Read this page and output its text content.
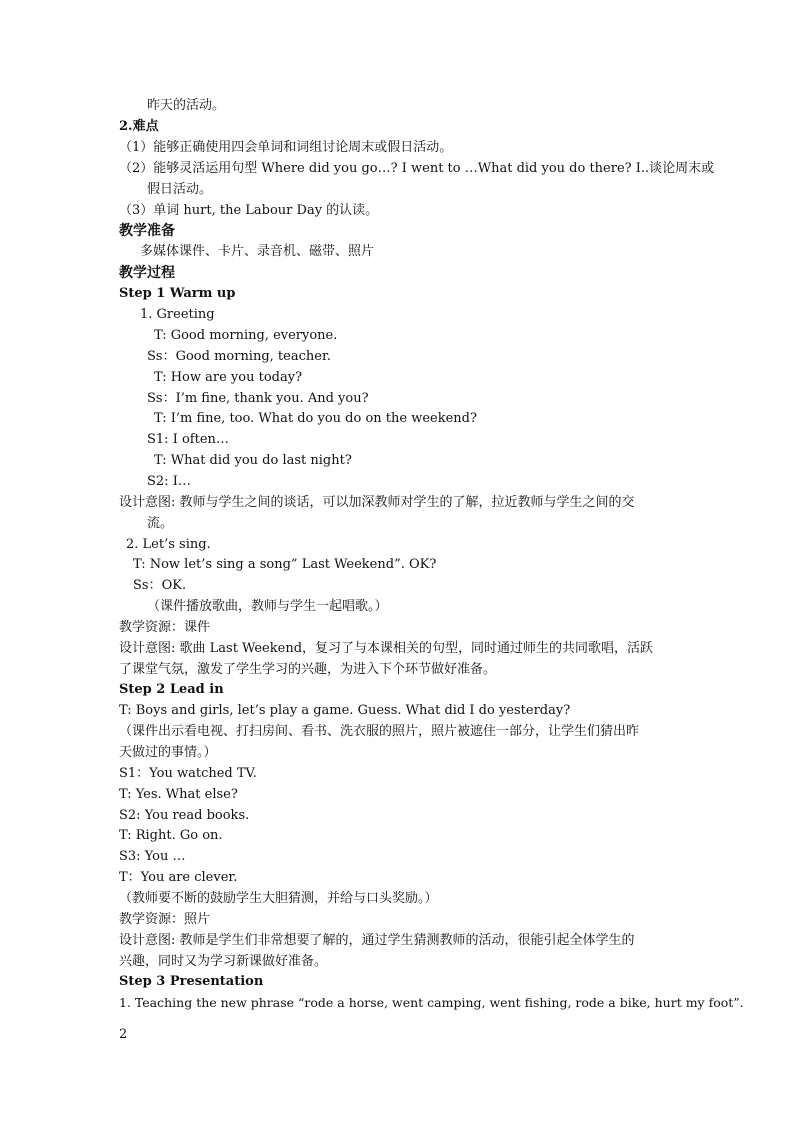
昨天的活动。
2.难点
（1）能够正确使用四会单词和词组讨论周末或假日活动。
（2）能够灵活运用句型 Where did you go…? I went to …What did you do there? I..谈论周末或
假日活动。
（3）单词 hurt, the Labour Day 的认读。
教学准备
多媒体课件、卡片、录音机、磁带、照片
教学过程
Step 1 Warm up
1. Greeting
T: Good morning, everyone.
Ss：Good morning, teacher.
T: How are you today?
Ss：I’m fine, thank you. And you?
T: I’m fine, too. What do you do on the weekend?
S1: I often…
T: What did you do last night?
S2: I…
设计意图: 教师与学生之间的谈话，可以加深教师对学生的了解，拉近教师与学生之间的交
流。
2. Let’s sing.
T: Now let’s sing a song” Last Weekend”. OK?
Ss：OK.
（课件播放歌曲，教师与学生一起唱歌。）
教学资源：课件
设计意图: 歌曲 Last Weekend，复习了与本课相关的句型，同时通过师生的共同歌唱，活跃
了课堂气氛，激发了学生学习的兴趣，为进入下个环节做好准备。
Step 2 Lead in
T: Boys and girls, let’s play a game. Guess. What did I do yesterday?
（课件出示看电视、打扫房间、看书、洗衣服的照片，照片被遮住一部分，让学生们猜出昨
天做过的事情。）
S1：You watched TV.
T: Yes. What else?
S2: You read books.
T: Right. Go on.
S3: You …
T：You are clever.
（教师要不断的鼓励学生大胆猜测，并给与口头奖励。）
教学资源：照片
设计意图: 教师是学生们非常想要了解的，通过学生猜测教师的活动，很能引起全体学生的
兴趣，同时又为学习新课做好准备。
Step 3 Presentation
1. Teaching the new phrase “rode a horse, went camping, went fishing, rode a bike, hurt my foot”.
2
